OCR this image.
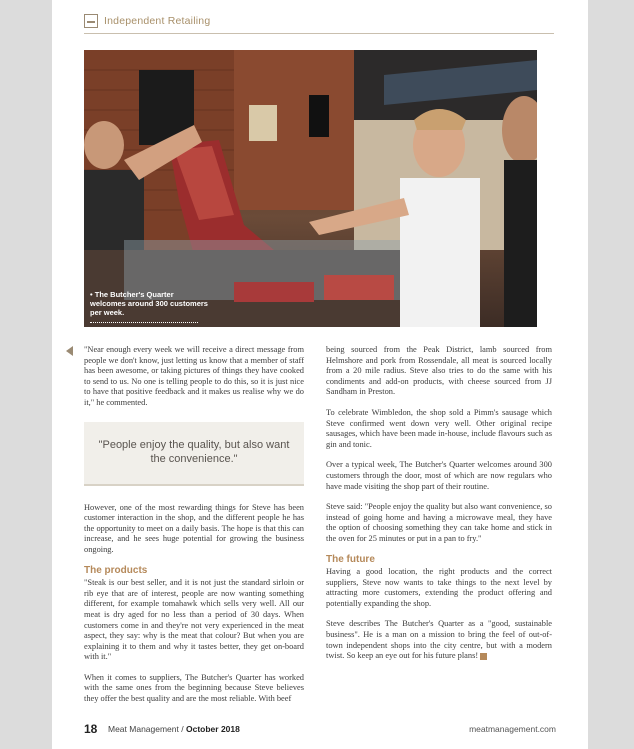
Independent Retailing
• The Butcher's Quarter welcomes around 300 customers per week.

"Near enough every week we will receive a direct message from people we don't know, just letting us know that a member of staff has been awesome, or taking pictures of things they have cooked to send to us. No one is telling people to do this, so it is just nice to have that positive feedback and it makes us realise why we do it," he commented.

However, one of the most rewarding things for Steve has been customer interaction in the shop, and the different people he has the opportunity to meet on a daily basis. The hope is that this can increase, and he sees huge potential for growing the business ongoing.

The products

"Steak is our best seller, and it is not just the standard sirloin or rib eye that are of interest, people are now wanting something different, for example tomahawk which sells very well. All our meat is dry aged for no less than a period of 30 days. When customers come in and they're not very experienced in the meat aspect, they say: why is the meat that colour? But when you are explaining it to them and why it tastes better, they get on-board with it."

When it comes to suppliers, The Butcher's Quarter has worked with the same ones from the beginning because Steve believes they offer the best quality and are the most reliable. With beef

"People enjoy the quality, but also want the convenience."

being sourced from the Peak District, lamb sourced from Helmshore and pork from Rossendale, all meat is sourced locally from a 20 mile radius. Steve also tries to do the same with his condiments and add-on products, with cheese sourced from JJ Sandham in Preston.

To celebrate Wimbledon, the shop sold a Pimm's sausage which Steve confirmed went down very well. Other original recipe sausages, which have been made in-house, include flavours such as gin and tonic.

Over a typical week, The Butcher's Quarter welcomes around 300 customers through the door, most of which are now regulars who have made visiting the shop part of their routine.

Steve said: "People enjoy the quality but also want convenience, so instead of going home and having a microwave meal, they have the option of choosing something they can take home and stick in the oven for 25 minutes or put in a pan to fry."

The future

Having a good location, the right products and the correct suppliers, Steve now wants to take things to the next level by attracting more customers, extending the product offering and potentially expanding the shop.

Steve describes The Butcher's Quarter as a "good, sustainable business". He is a man on a mission to bring the feel of out-of-town independent shops into the city centre, but with a modern twist. So keep an eye out for his future plans!

18 Meat Management / October 2018	meatmanagement.com
